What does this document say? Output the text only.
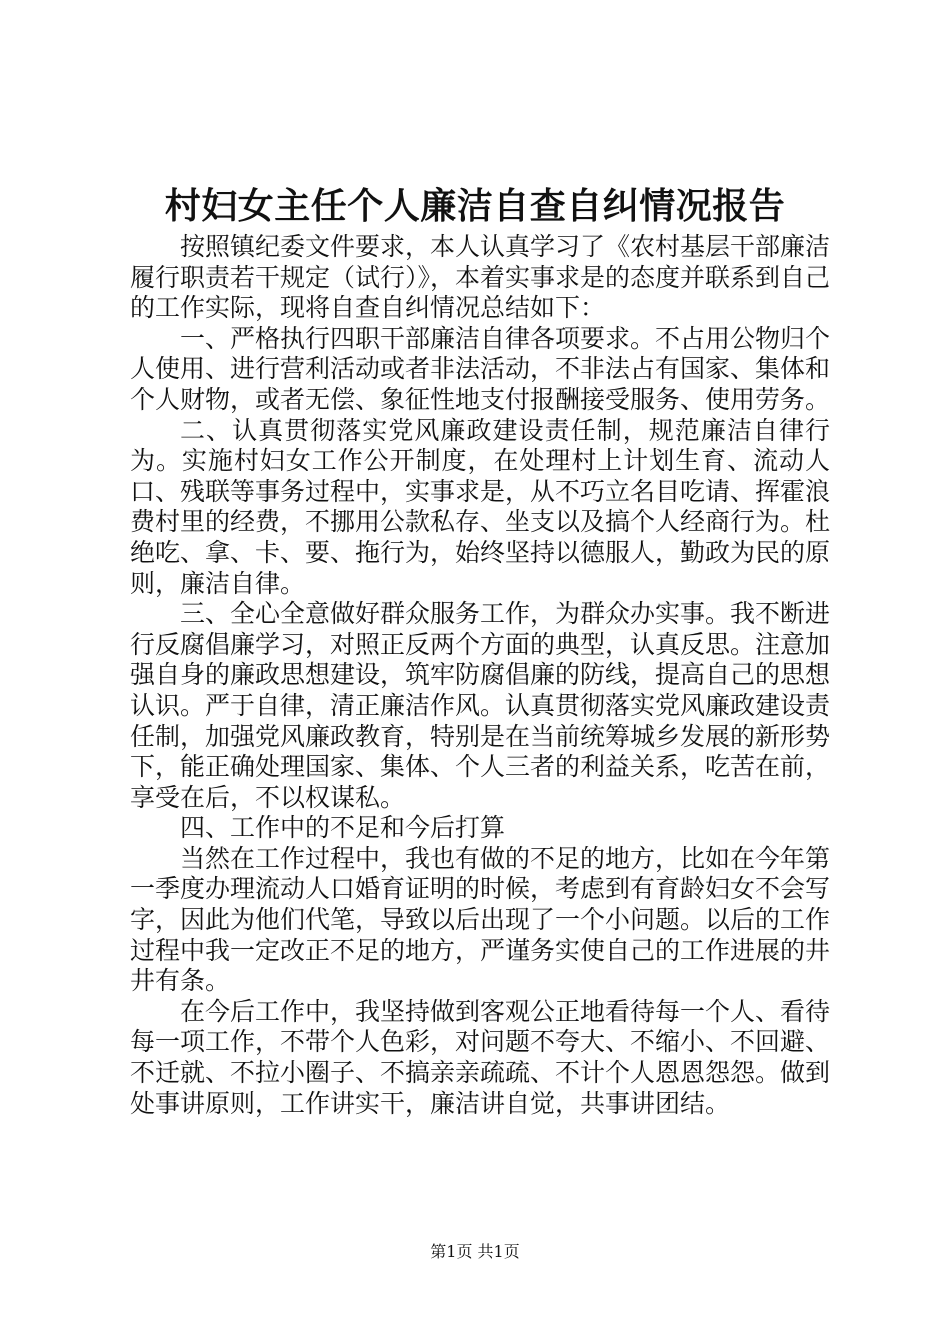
村妇女主任个人廉洁自查自纠情况报告

按照镇纪委文件要求，本人认真学习了《农村基层干部廉洁履行职责若干规定（试行）》，本着实事求是的态度并联系到自己的工作实际，现将自查自纠情况总结如下：

一、严格执行四职干部廉洁自律各项要求。不占用公物归个人使用、进行营利活动或者非法活动，不非法占有国家、集体和个人财物，或者无偿、象征性地支付报酬接受服务、使用劳务。

二、认真贯彻落实党风廉政建设责任制，规范廉洁自律行为。实施村妇女工作公开制度，在处理村上计划生育、流动人口、残联等事务过程中，实事求是，从不巧立名目吃请、挥霍浪费村里的经费，不挪用公款私存、坐支以及搞个人经商行为。杜绝吃、拿、卡、要、拖行为，始终坚持以德服人，勤政为民的原则，廉洁自律。

三、全心全意做好群众服务工作，为群众办实事。我不断进行反腐倡廉学习，对照正反两个方面的典型，认真反思。注意加强自身的廉政思想建设，筑牢防腐倡廉的防线，提高自己的思想认识。严于自律，清正廉洁作风。认真贯彻落实党风廉政建设责任制，加强党风廉政教育，特别是在当前统筹城乡发展的新形势下，能正确处理国家、集体、个人三者的利益关系，吃苦在前，享受在后，不以权谋私。

四、工作中的不足和今后打算

当然在工作过程中，我也有做的不足的地方，比如在今年第一季度办理流动人口婚育证明的时候，考虑到有育龄妇女不会写字，因此为他们代笔，导致以后出现了一个小问题。以后的工作过程中我一定改正不足的地方，严谨务实使自己的工作进展的井井有条。

在今后工作中，我坚持做到客观公正地看待每一个人、看待每一项工作，不带个人色彩，对问题不夸大、不缩小、不回避、不迁就、不拉小圈子、不搞亲亲疏疏、不计个人恩恩怨怨。做到处事讲原则，工作讲实干，廉洁讲自觉，共事讲团结。

第1页 共1页
